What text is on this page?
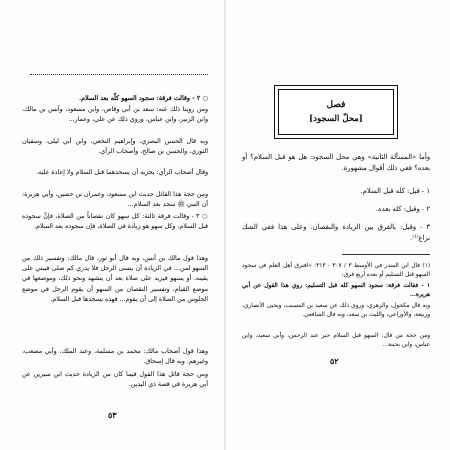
○ ٢ - وقالت فرقة: سجود السهو كلّه بعد السلام.

ومن روينا ذلك عنه: سعد بن أبي وقاص، وابن مسعود، وأنس بن مالك، وابن الزبير، وابن عباس، وروي ذلك عن علي، وعمار...

وبه قال الحسن البصري، وإبراهيم النخعي، وابن أبي ليلى، وسفيان الثوري، والحسن بن صالح، وأصحاب الرأي.

وقال أصحاب الرأي: يجزيه أن يسجدهما قبل السلام ولا إعادة عليه.

ومن حجة هذا القائل حديث ابن مسعود، وعمران بن حصين، وأبي هريرة: أن النبي ﷺ سجد بعد السلام...

○ ٣ - وقالت فرقة ثالثة: كل سهو كان نقصاناً من الصلاة، فإنَّ سجوده قبل السلام، وكل سهو هو زيادة في الصلاة، فإن سجوده بعد السلام.

وهذا قول مالك بن أنس، وبه قال أبو ثور، قال مالك: وتفسير ذلك من السهو لمن... في الزيادة أن ينسى الرجل فلا يدري كم صلى فيبني على يقينه، أو يسهو فيزيد على صلاة بعد أن يتشهد ونحو ذلك، وموضعها في موضع القيام، وتفسير النقصان من السهو أن يقوم الرجل في موضع الجلوس من الصلاة إلى أن يقوم... فهذه يسجدها قبل السلام.

وهذا قول أصحاب مالك: محمد بن مسلمة، وعبد الملك، وأبي مصعب، وغيرهم. وبه قال إسحاق.

ومن حجة قائل هذا القول فيما كان من الزيادة حديث ابن سيرين عن أبي هريرة في قصة ذي اليدين.

٥٣
فصل
[محلّ السجود]

وأما «المسألة الثانية» وهي محل السجود: هل هو قبل السلام؟ أو بعده؟ ففي ذلك أقوال مشهورة.

١ - قيل: كله قبل السلام.

٢ - وقيل: كله بعده.

٣ - وقيل: بالفرق بين الزيادة والنقصان. وعلى هذا ففي الشك نزاع⁽¹⁾.

(١) قال ابن المنذر في الأوسط ٣ / ٣٠٧ - ٣١٣: «افترق أهل العلم في سجود السهو قبل التسليم أو بعده أربع فرق:

١ - فقالت فرقة: سجود السهو كله قبل التسليم: روي هذا القول عن أبي هريرة...

وبه قال مكحول، والزهري، وروي ذلك عن سعيد بن المسيب، ويحيى الأنصاري، وربيعة، والأوزاعي، والليث بن سعد، وبه قال الشافعي.

ومن حجة من قال: السهو قبل السلام خبر عبد الرحمن، وأبي سعيد، وابن عباس، وابن بحينة...

٥٢
